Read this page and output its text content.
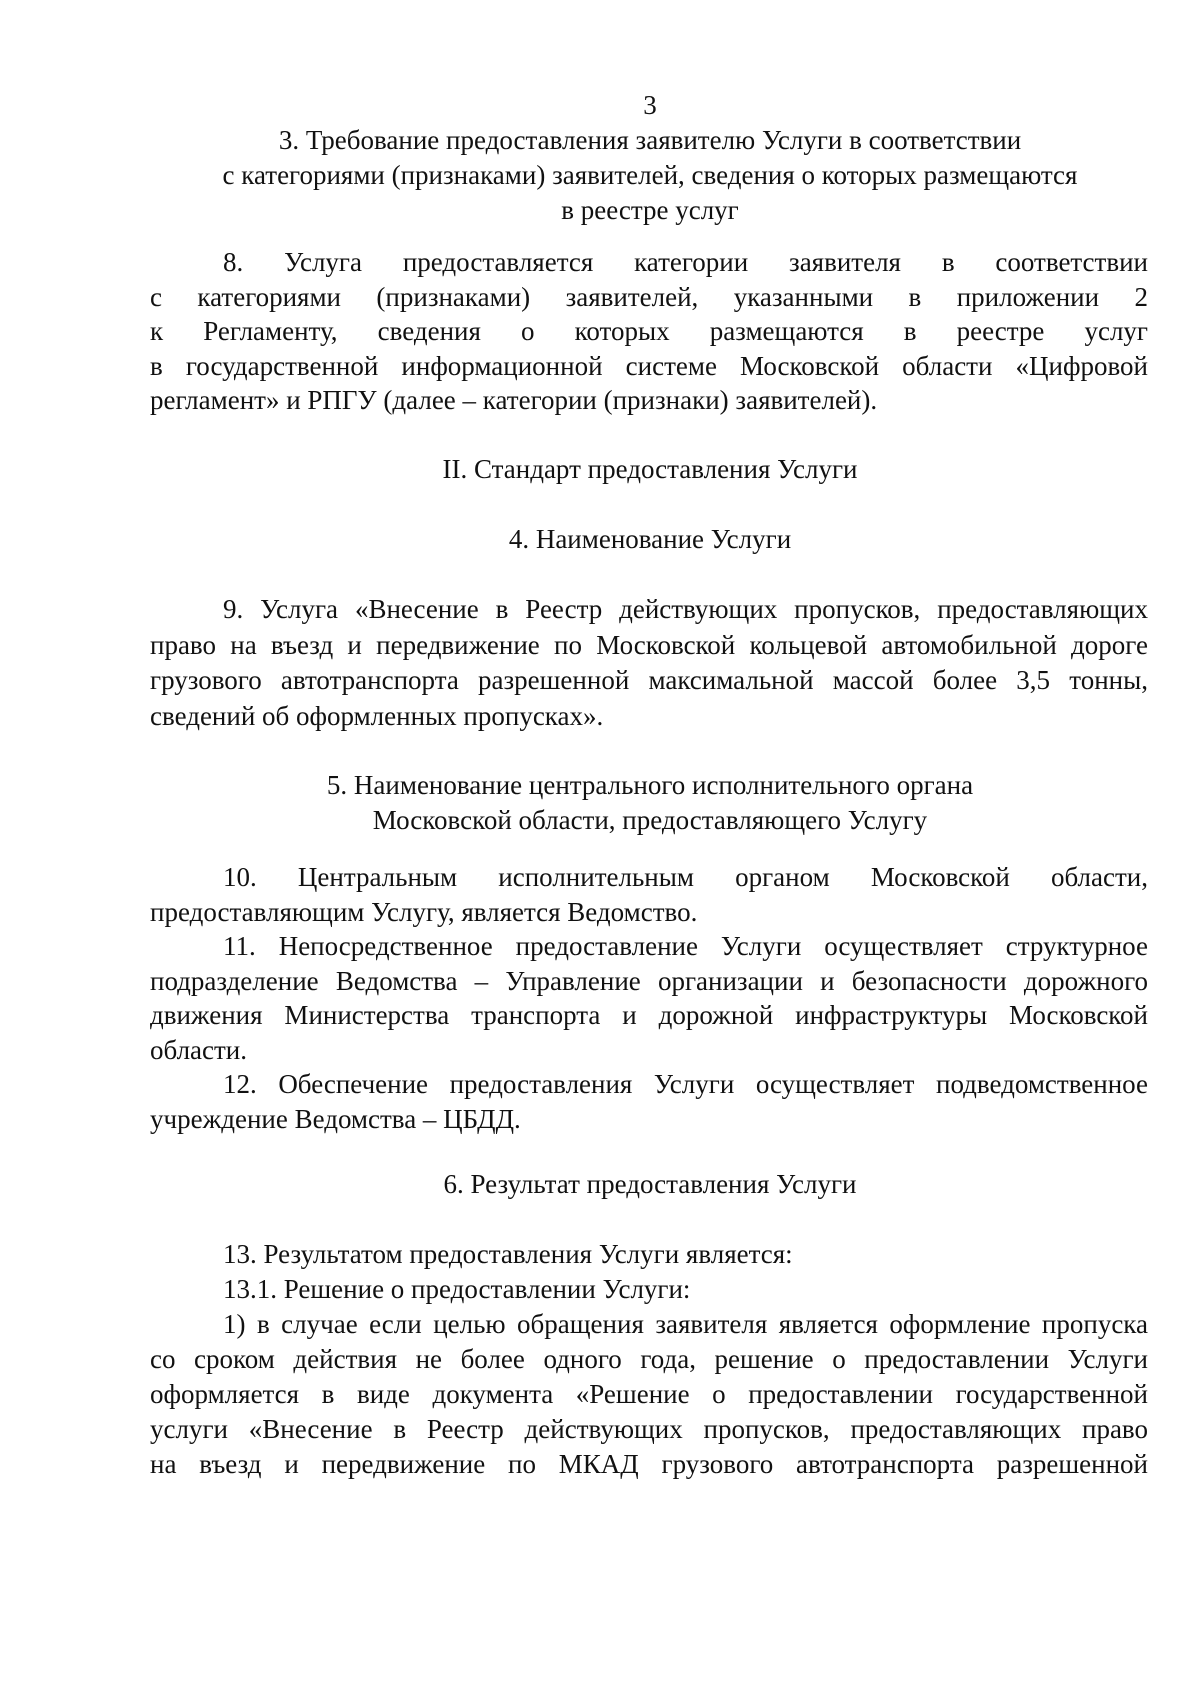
3
3. Требование предоставления заявителю Услуги в соответствии
с категориями (признаками) заявителей, сведения о которых размещаются
в реестре услуг
8. Услуга предоставляется категории заявителя в соответствии
с категориями (признаками) заявителей, указанными в приложении 2
к Регламенту, сведения о которых размещаются в реестре услуг
в государственной информационной системе Московской области «Цифровой
регламент» и РПГУ (далее – категории (признаки) заявителей).
II. Стандарт предоставления Услуги
4. Наименование Услуги
9. Услуга «Внесение в Реестр действующих пропусков, предоставляющих
право на въезд и передвижение по Московской кольцевой автомобильной дороге
грузового автотранспорта разрешенной максимальной массой более 3,5 тонны,
сведений об оформленных пропусках».
5. Наименование центрального исполнительного органа
Московской области, предоставляющего Услугу
10. Центральным исполнительным органом Московской области,
предоставляющим Услугу, является Ведомство.
11. Непосредственное предоставление Услуги осуществляет структурное
подразделение Ведомства – Управление организации и безопасности дорожного
движения Министерства транспорта и дорожной инфраструктуры Московской
области.
12. Обеспечение предоставления Услуги осуществляет подведомственное
учреждение Ведомства – ЦБДД.
6. Результат предоставления Услуги
13. Результатом предоставления Услуги является:
13.1. Решение о предоставлении Услуги:
1) в случае если целью обращения заявителя является оформление пропуска
со сроком действия не более одного года, решение о предоставлении Услуги
оформляется в виде документа «Решение о предоставлении государственной
услуги «Внесение в Реестр действующих пропусков, предоставляющих право
на въезд и передвижение по МКАД грузового автотранспорта разрешенной
